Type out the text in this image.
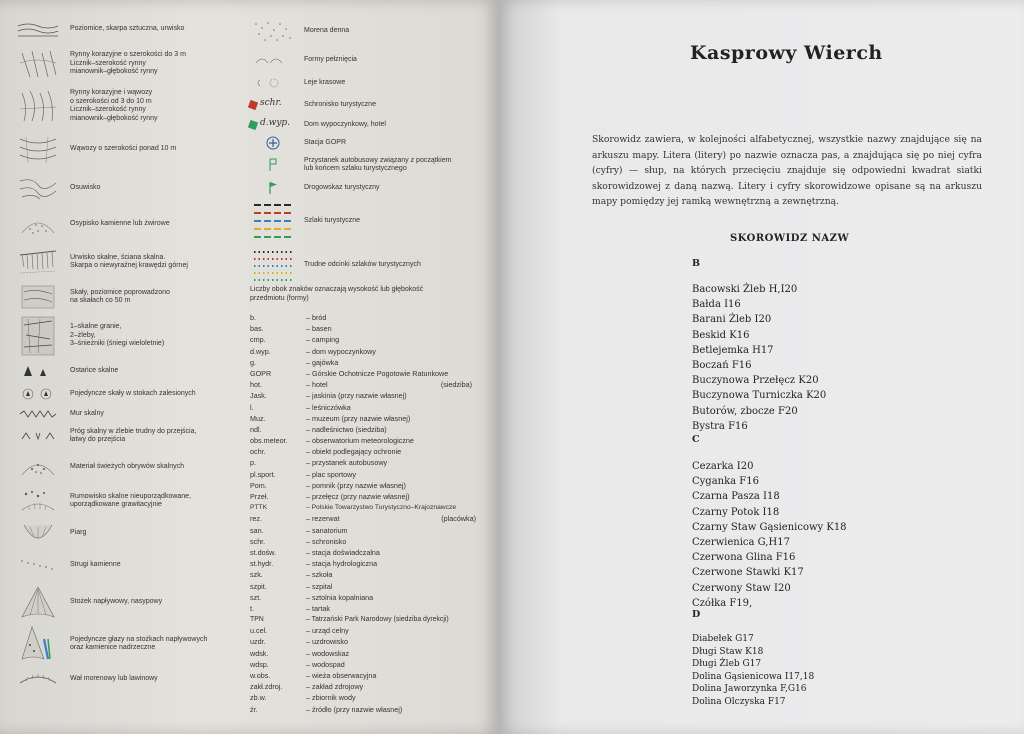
Poziomice, skarpa sztuczna, urwisko
Rynny korazyjne o szerokości do 3 m
Licznik–szerokość rynny
mianownik–głębokość rynny
Rynny korazyjne i wąwozy
o szerokości od 3 do 10 m
Licznik–szerokość rynny
mianownik–głębokość rynny
Wąwozy o szerokości ponad 10 m
Osuwisko
Osypisko kamienne lub żwirowe
Urwisko skalne, ściana skalna.
Skarpa o niewyraźnej krawędzi górnej
Skały, poziomice poprowadzono
na skałach co 50 m
1–skalne granie,
2–żleby,
3–śnieżniki (śniegi wieloletnie)
Ostańce skalne
Pojedyncze skały w stokach zalesionych
Mur skalny
Próg skalny w żlebie trudny do przejścia,
łatwy do przejścia
Materiał świeżych obrywów skalnych
Rumowisko skalne nieuporządkowane,
uporządkowane grawitacyjnie
Piarg
Strugi kamienne
Stożek napływowy, nasypowy
Pojedyncze głazy na stożkach napływowych
oraz kamienice nadrzeczne
Wał morenowy lub lawinowy
Morena denna
Formy pełznięcia
Leje krasowe
schr.	Schronisko turystyczne
d.wyp. Dom wypoczynkowy, hotel
Stacja GOPR
Przystanek autobusowy związany z początkiem
lub końcem szlaku turystycznego
Drogowskaz turystyczny
Szlaki turystyczne
Trudne odcinki szlaków turystycznych
Liczby obok znaków oznaczają wysokość lub głębokość
przedmiotu (formy)
b.	– bród
bas.	– basen
cmp.	– camping
d.wyp.	– dom wypoczynkowy
g.	– gajówka
GOPR	– Górskie Ochotnicze Pogotowie Ratunkowe
hot.	– hotel	(siedziba)
Jask.	– jaskinia (przy nazwie własnej)
l.	– leśniczówka
Muz.	– muzeum (przy nazwie własnej)
ndl.	– nadleśnictwo (siedziba)
obs.meteor.	– obserwatorium meteorologiczne
ochr.	– obiekt podlegający ochronie
p.	– przystanek autobusowy
pl.sport.	– plac sportowy
Pom.	– pomnik (przy nazwie własnej)
Przeł.	– przełęcz (przy nazwie własnej)
PTTK	– Polskie Towarzystwo Turystyczno–Krajoznawcze
rez.	– rezerwat	(placówka)
san.	– sanatorium
schr.	– schronisko
st.dośw.	– stacja doświadczalna
st.hydr.	– stacja hydrologiczna
szk.	– szkoła
szpit.	– szpital
szt.	– sztolnia kopalniana
t.	– tartak
TPN	– Tatrzański Park Narodowy (siedziba dyrekcji)
u.cel.	– urząd celny
uzdr.	– uzdrowisko
wdsk.	– wodowskaz
wdsp.	– wodospad
w.obs.	– wieża obserwacyjna
zakł.zdroj.	– zakład zdrojowy
zb.w.	– zbiornik wody
źr.	– źródło (przy nazwie własnej)
Kasprowy Wierch
Skorowidz zawiera, w kolejności alfabetycznej, wszystkie nazwy znajdujące się na arkuszu mapy. Litera (litery) po nazwie oznacza pas, a znajdująca się po niej cyfra (cyfry) — słup, na których przecięciu znajduje się odpowiedni kwadrat siatki skorowidzowej z daną nazwą. Litery i cyfry skorowidzowe opisane są na arkuszu mapy pomiędzy jej ramką wewnętrzną a zewnętrzną.
SKOROWIDZ NAZW
B
Bacowski Żleb H,I20
Bałda I16
Barani Żleb I20
Beskid K16
Betlejemka H17
Boczań F16
Buczynowa Przełęcz K20
Buczynowa Turniczka K20
Butorów, zbocze F20
Bystra F16
C
Cezarka I20
Cyganka F16
Czarna Pasza I18
Czarny Potok I18
Czarny Staw Gąsienicowy K18
Czerwienica G,H17
Czerwona Glina F16
Czerwone Stawki K17
Czerwony Staw I20
Czółka F19,
D
Diabełek G17
Długi Staw K18
Długi Żleb G17
Dolina Gąsienicowa I17,18
Dolina Jaworzynka F,G16
Dolina Olczyska F17
